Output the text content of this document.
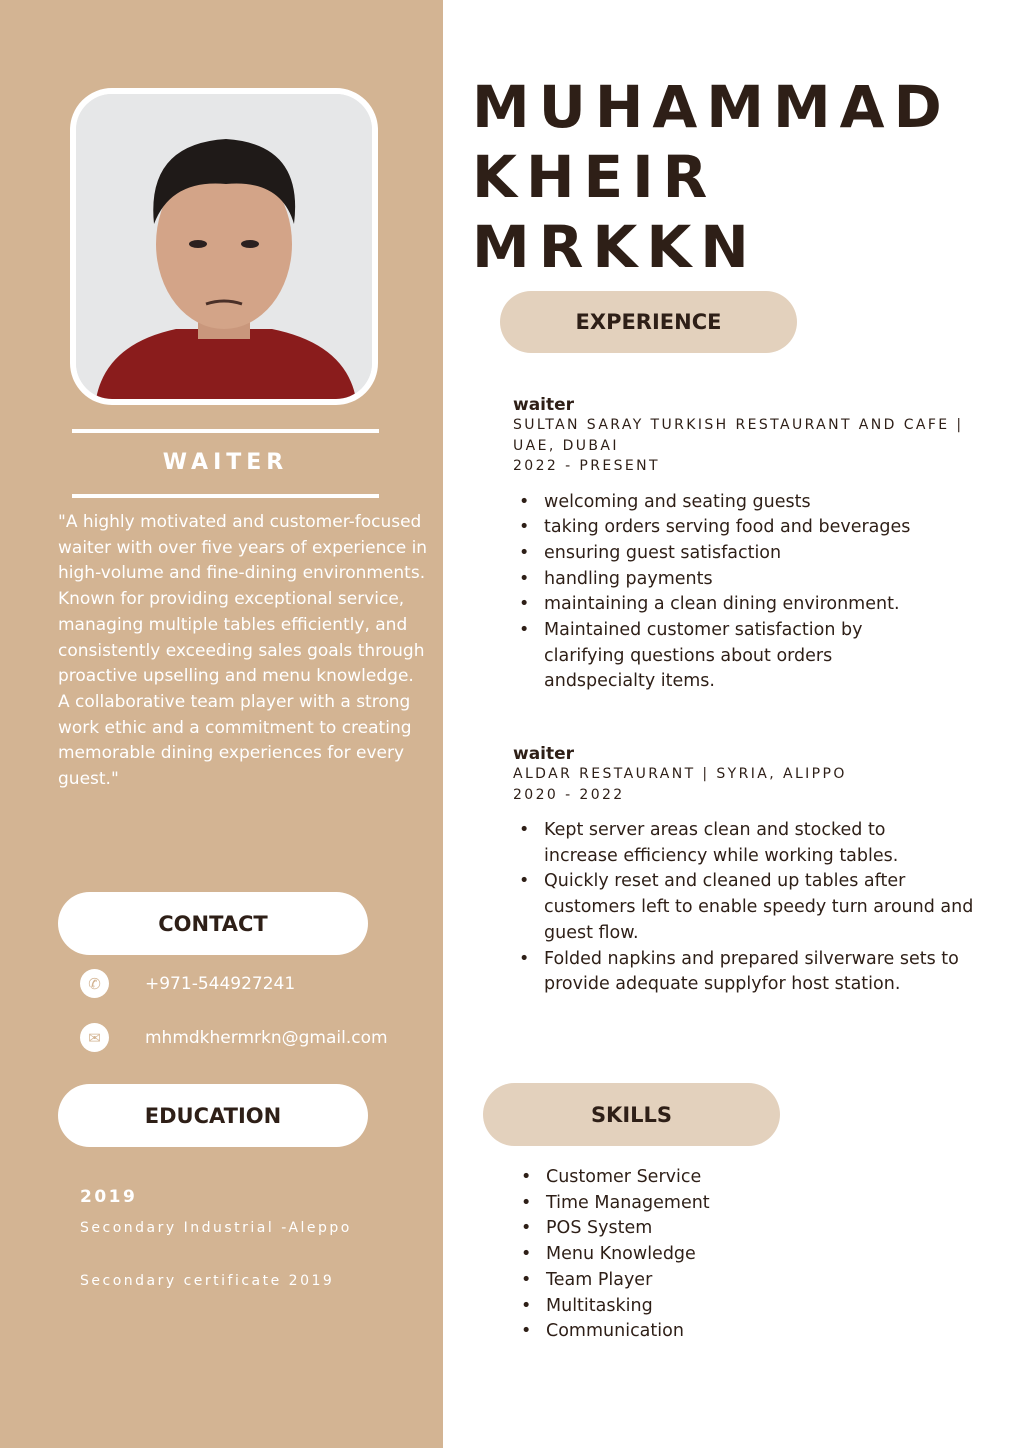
WAITER
"A highly motivated and customer-focused waiter with over five years of experience in high-volume and fine-dining environments. Known for providing exceptional service, managing multiple tables efficiently, and consistently exceeding sales goals through proactive upselling and menu knowledge. A collaborative team player with a strong work ethic and a commitment to creating memorable dining experiences for every guest."
CONTACT
✆	+971-544927241
✉	mhmdkhermrkn@gmail.com
EDUCATION
2019
Secondary Industrial -Aleppo
Secondary certificate 2019
MUHAMMAD
KHEIR MRKKN
EXPERIENCE
waiter
SULTAN SARAY TURKISH RESTAURANT AND CAFE | UAE, DUBAI
2022 - PRESENT
• welcoming and seating guests
• taking orders serving food and beverages
• ensuring guest satisfaction
• handling payments
• maintaining a clean dining environment.
• Maintained customer satisfaction by clarifying questions about orders andspecialty items.
waiter
ALDAR RESTAURANT | SYRIA, ALIPPO
2020 - 2022
• Kept server areas clean and stocked to increase efficiency while working tables.
• Quickly reset and cleaned up tables after customers left to enable speedy turn around and guest flow.
• Folded napkins and prepared silverware sets to provide adequate supplyfor host station.
SKILLS
• Customer Service
• Time Management
• POS System
• Menu Knowledge
• Team Player
• Multitasking
• Communication
